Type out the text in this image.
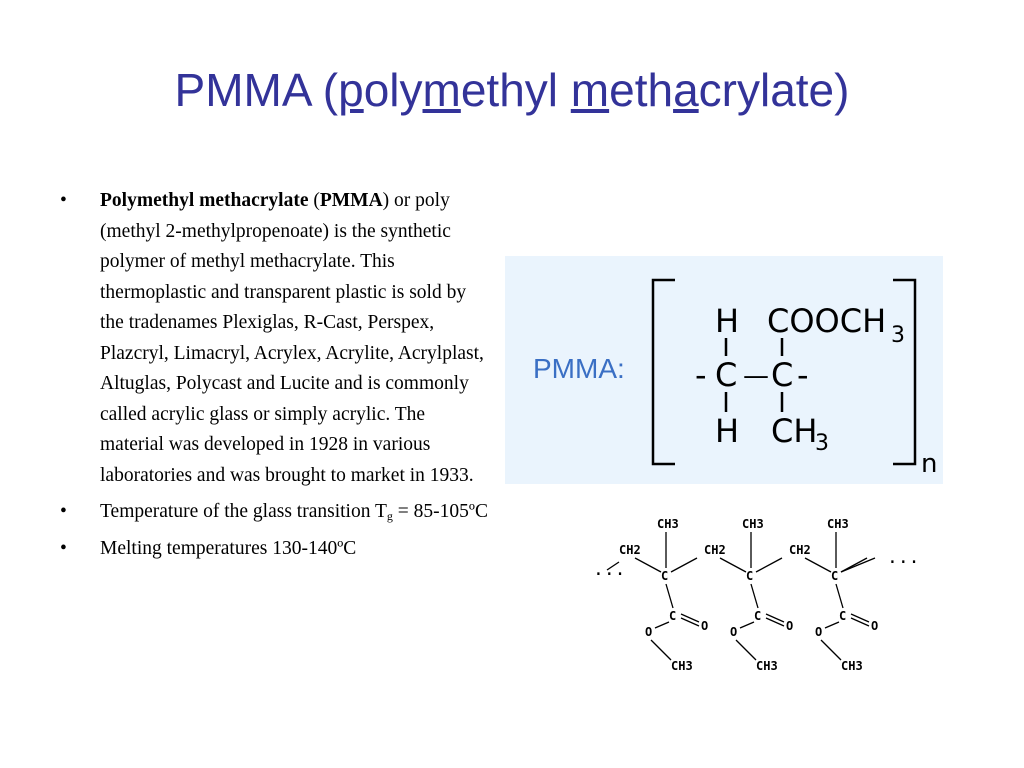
PMMA (polymethyl methacrylate)
• Polymethyl methacrylate (PMMA) or poly (methyl 2-methylpropenoate) is the synthetic polymer of methyl methacrylate. This thermoplastic and transparent plastic is sold by the tradenames Plexiglas, R-Cast, Perspex, Plazcryl, Limacryl, Acrylex, Acrylite, Acrylplast, Altuglas, Polycast and Lucite and is commonly called acrylic glass or simply acrylic. The material was developed in 1928 in various laboratories and was brought to market in 1933.
• Temperature of the glass transition $T_g$ = 85-105ºC
• Melting temperatures 130-140ºC
PMMA:
H COOCH 3
- C — C -
H CH
3
n
···
···
CH3
CH2
C
C
O	O
CH3
CH3
CH2
C
C
O	O
CH3
CH3
CH2
C
C
O	O
CH3
